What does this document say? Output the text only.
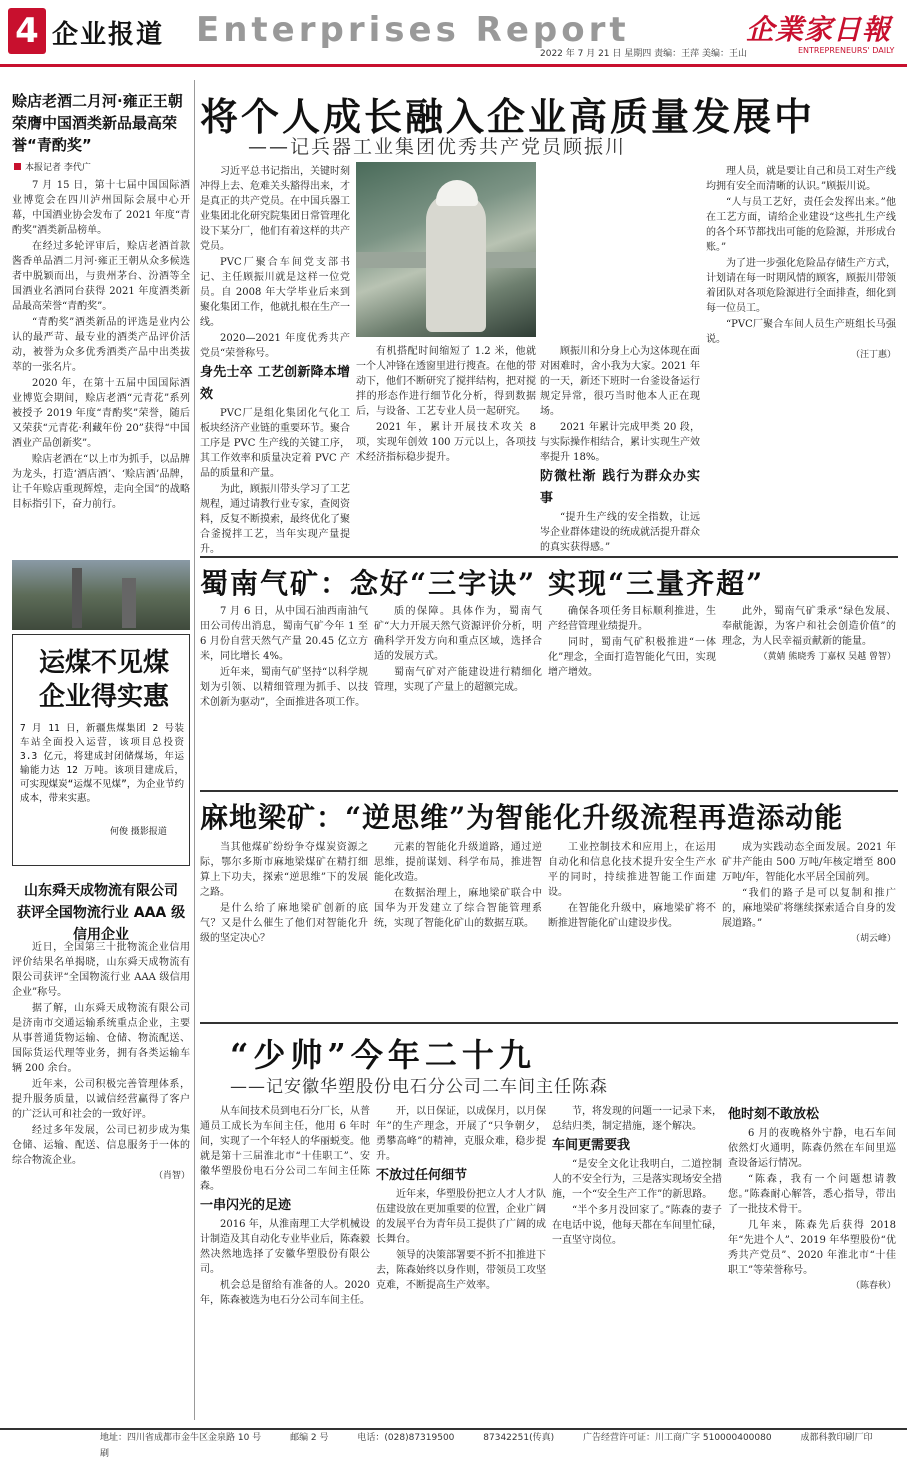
4 企业报道 Enterprises Report
2022 年 7 月 21 日 星期四 责编：王萍 美编：王山
企業家日報
ENTREPRENEURS' DAILY
赊店老酒二月河·雍正王朝
荣膺中国酒类新品最高荣誉“青酌奖”
本报记者 李代广

7 月 15 日，第十七届中国国际酒业博览会在四川泸州国际会展中心开幕，中国酒业协会发布了 2021 年度“青酌奖”酒类新品榜单。

在经过多轮评审后，赊店老酒首款酱香单品酒二月河·雍正王朝从众多候选者中脱颖而出，与贵州茅台、汾酒等全国酒业名酒同台获得 2021 年度酒类新品最高荣誉“青酌奖”。

“青酌奖”酒类新品的评选是业内公认的最严苛、最专业的酒类产品评价活动，被誉为众多优秀酒类产品中出类拔萃的一张名片。

2020 年，在第十五届中国国际酒业博览会期间，赊店老酒“元青花”系列被授予 2019 年度“青酌奖”荣誉，随后又荣获“元青花·利藏年份 20”获得“中国酒业产品创新奖”。

赊店老酒在“以上市为抓手，以品牌为龙头，打造‘酒店酒’、‘赊店酒’品牌，让千年赊店重现辉煌，走向全国”的战略目标指引下，奋力前行。

运煤不见煤 企业得实惠
7 月 11 日，新疆焦煤集团 2 号装车站全面投入运营，该项目总投资 3.3 亿元，将建成封闭储煤场，年运输能力达 12 万吨。该项目建成后，可实现煤炭“运煤不见煤”，为企业节约成本，带来实惠。
何俊 摄影报道
山东舜天成物流有限公司
获评全国物流行业 AAA 级信用企业

近日，全国第三十批物流企业信用评价结果名单揭晓，山东舜天成物流有限公司获评“全国物流行业 AAA 级信用企业”称号。

据了解，山东舜天成物流有限公司是济南市交通运输系统重点企业，主要从事普通货物运输、仓储、物流配送、国际货运代理等业务，拥有各类运输车辆 200 余台。

近年来，公司积极完善管理体系，提升服务质量，以诚信经营赢得了客户的广泛认可和社会的一致好评。

经过多年发展，公司已初步成为集仓储、运输、配送、信息服务于一体的综合物流企业。

（肖智）
将个人成长融入企业高质量发展中
——记兵器工业集团优秀共产党员顾振川

习近平总书记指出，关键时刻冲得上去、危难关头豁得出来，才是真正的共产党员。在中国兵器工业集团北化研究院集团日常管理化设下某分厂，他们有着这样的共产党员。

PVC厂聚合车间党支部书记、主任顾振川就是这样一位党员。自 2008 年大学毕业后来到聚化集团工作，他就扎根在生产一线。

2020—2021 年度优秀共产党员“荣誉称号。

身先士卒 工艺创新降本增效

PVC厂是组化集团化气化工板块经济产业链的重要环节。聚合工序是 PVC 生产线的关键工序，其工作效率和质量决定着 PVC 产品的质量和产量。

为此，顾振川带头学习了工艺规程，通过请教行业专家，查阅资料，反复不断摸索，最终优化了聚合釜搅拌工艺，当年实现产量提升。

有机搭配时间缩短了 1.2 米，他就一个人冲锋在透窗里进行搜查。在他的带动下，他们不断研究了搅拌结构，把对搅拌的形态作进行细节化分析，得到数据后，与设备、工艺专业人员一起研究。

2021 年，累计开展技术攻关 8 项，实现年创效 100 万元以上，各项技术经济指标稳步提升。

顾振川和分身上心为这体现在面对困难时，舍小我为大家。2021 年的一天，新还下班时一台釜设备运行规定异常，很巧当时他本人正在现场。

2021 年累计完成甲类 20 段，与实际操作相结合，累计实现生产效率提升 18%。

防微杜渐 践行为群众办实事

“提升生产线的安全指数，让远岑企业群体建设的统成就活提升群众的真实获得感。”

理人员，就是要让自己和员工对生产线均拥有安全而清晰的认识。”顾振川说。

“人与员工艺好，责任会发挥出来。”他在工艺方面，请给企业建设“这些扎生产线的各个环节都找出可能的危险源，并形成台账。”

为了进一步强化危险品存储生产方式，计划请在每一时期风情的顾客，顾振川带领着团队对各项危险源进行全面排查，细化到每一位员工。

“PVC厂聚合车间人员生产班组长马强说。

（汪丁惠）
蜀南气矿：念好“三字诀” 实现“三量齐超”

7 月 6 日，从中国石油西南油气田公司传出消息，蜀南气矿今年 1 至 6 月份自营天然气产量 20.45 亿立方米，同比增长 4%。

近年来，蜀南气矿坚持“以科学规划为引领、以精细管理为抓手、以技术创新为驱动”，全面推进各项工作。

质的保障。具体作为，蜀南气矿“大力开展天然气资源评价分析，明确科学开发方向和重点区域，选择合适的发展方式。

蜀南气矿对产能建设进行精细化管理，实现了产量上的超额完成。

确保各项任务目标顺利推进，生产经营管理业绩提升。

同时，蜀南气矿积极推进“一体化”理念，全面打造智能化气田，实现增产增效。

此外，蜀南气矿秉承“绿色发展、奉献能源，为客户和社会创造价值”的理念，为人民幸福贡献新的能量。

（黄婧 熊晓秀 丁嘉权 吴越 曾智）
麻地梁矿：“逆思维”为智能化升级流程再造添动能

当其他煤矿纷纷争夺煤炭资源之际，鄂尔多斯市麻地梁煤矿在精打细算上下功夫，探索“逆思维”下的发展之路。

是什么给了麻地梁矿创新的底气？又是什么催生了他们对智能化升级的坚定决心？

元素的智能化升级道路，通过逆思维，提前谋划、科学布局，推进智能化改造。

在数据治理上，麻地梁矿联合中国华为开发建立了综合智能管理系统，实现了智能化矿山的数据互联。

工业控制技术和应用上，在运用自动化和信息化技术提升安全生产水平的同时，持续推进智能工作面建设。

在智能化升级中，麻地梁矿将不断推进智能化矿山建设步伐。

成为实践动态全面发展。2021 年矿井产能由 500 万吨/年核定增至 800 万吨/年，智能化水平居全国前列。

“我们的路子是可以复制和推广的，麻地梁矿将继续探索适合自身的发展道路。”

（胡云峰）
“少帅”今年二十九
——记安徽华塑股份电石分公司二车间主任陈森

从车间技术员到电石分厂长，从普通员工成长为车间主任，他用 6 年时间，实现了一个年轻人的华丽蜕变。他就是第十三届淮北市“十佳职工”、安徽华塑股份电石分公司二车间主任陈森。

一串闪光的足迹

2016 年，从淮南理工大学机械设计制造及其自动化专业毕业后，陈森毅然决然地选择了安徽华塑股份有限公司。

机会总是留给有准备的人。2020 年，陈森被选为电石分公司车间主任。

开，以日保证，以成保月，以月保年”的生产理念，开展了“只争朝夕，勇攀高峰”的精神，克服众难，稳步提升。

不放过任何细节

近年来，华塑股份把立人才人才队伍建设放在更加重要的位置，企业广阔的发展平台为青年员工提供了广阔的成长舞台。

领导的决策部署要不折不扣推进下去，陈森始终以身作则，带领员工攻坚克难，不断提高生产效率。

节，将发现的问题一一记录下来，总结归类，制定措施，逐个解决。

车间更需要我

“是安全文化让我明白，二道控制人的不安全行为，三是落实现场安全措施，一个“安全生产工作”的新思路。

“半个多月没回家了。”陈森的妻子在电话中说，他每天都在车间里忙碌，一直坚守岗位。

他时刻不敢放松

6 月的夜晚格外宁静，电石车间依然灯火通明，陈森仍然在车间里巡查设备运行情况。

“陈森，我有一个问题想请教您。”陈森耐心解答，悉心指导，带出了一批技术骨干。

几年来，陈森先后获得 2018 年“先进个人”、2019 年华塑股份“优秀共产党员”、2020 年淮北市“十佳职工”等荣誉称号。

（陈春秋）
地址：四川省成都市金牛区金泉路 10 号	邮编 2 号	电话：(028)87319500	87342251(传真)	广告经营许可证：川工商广字 510000400080	成都科教印刷厂印刷
